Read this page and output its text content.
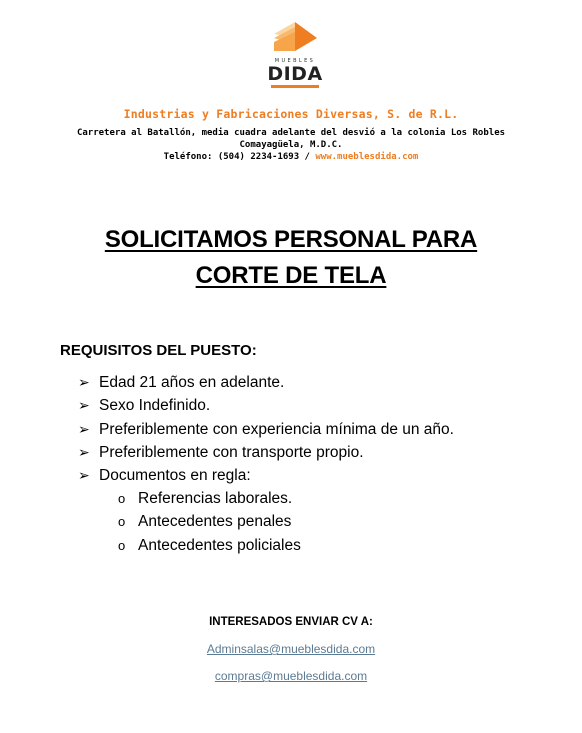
MUEBLES
DIDA
Industrias y Fabricaciones Diversas, S. de R.L.
Carretera al Batallón, media cuadra adelante del desvió a la colonia Los Robles
Comayagüela, M.D.C.
Teléfono: (504) 2234-1693 / www.mueblesdida.com
SOLICITAMOS PERSONAL PARA
CORTE DE TELA
REQUISITOS DEL PUESTO:
➢ Edad 21 años en adelante.
➢ Sexo Indefinido.
➢ Preferiblemente con experiencia mínima de un año.
➢ Preferiblemente con transporte propio.
➢ Documentos en regla:
o Referencias laborales.
o Antecedentes penales
o Antecedentes policiales
INTERESADOS ENVIAR CV A:
Adminsalas@mueblesdida.com
compras@mueblesdida.com
